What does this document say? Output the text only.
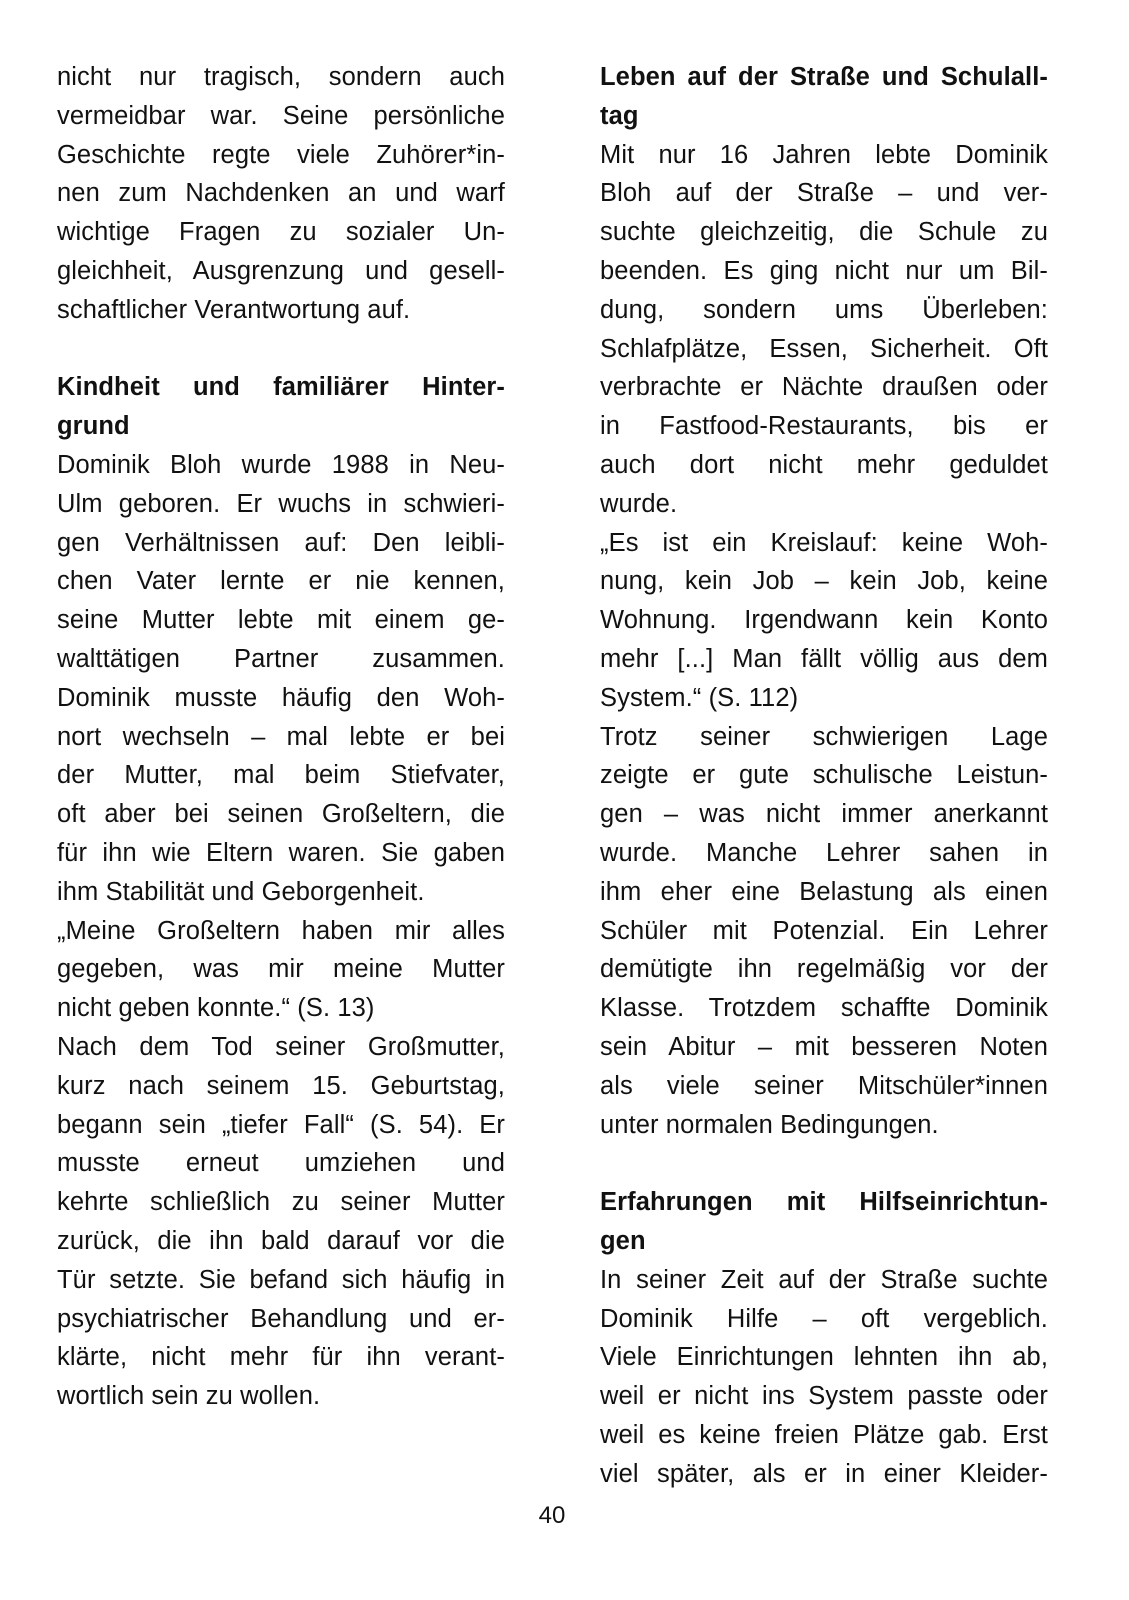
nicht nur tragisch, sondern auch
vermeidbar war. Seine persönliche
Geschichte regte viele Zuhörer*in-
nen zum Nachdenken an und warf
wichtige Fragen zu sozialer Un-
gleichheit, Ausgrenzung und gesell-
schaftlicher Verantwortung auf.
Kindheit und familiärer Hinter-
grund
Dominik Bloh wurde 1988 in Neu-
Ulm geboren. Er wuchs in schwieri-
gen Verhältnissen auf: Den leibli-
chen Vater lernte er nie kennen,
seine Mutter lebte mit einem ge-
walttätigen Partner zusammen.
Dominik musste häufig den Woh-
nort wechseln – mal lebte er bei
der Mutter, mal beim Stiefvater,
oft aber bei seinen Großeltern, die
für ihn wie Eltern waren. Sie gaben
ihm Stabilität und Geborgenheit.
„Meine Großeltern haben mir alles
gegeben, was mir meine Mutter
nicht geben konnte.“ (S. 13)
Nach dem Tod seiner Großmutter,
kurz nach seinem 15. Geburtstag,
begann sein „tiefer Fall“ (S. 54). Er
musste erneut umziehen und
kehrte schließlich zu seiner Mutter
zurück, die ihn bald darauf vor die
Tür setzte. Sie befand sich häufig in
psychiatrischer Behandlung und er-
klärte, nicht mehr für ihn verant-
wortlich sein zu wollen.
Leben auf der Straße und Schulall-
tag
Mit nur 16 Jahren lebte Dominik
Bloh auf der Straße – und ver-
suchte gleichzeitig, die Schule zu
beenden. Es ging nicht nur um Bil-
dung, sondern ums Überleben:
Schlafplätze, Essen, Sicherheit. Oft
verbrachte er Nächte draußen oder
in Fastfood-Restaurants, bis er
auch dort nicht mehr geduldet
wurde.
„Es ist ein Kreislauf: keine Woh-
nung, kein Job – kein Job, keine
Wohnung. Irgendwann kein Konto
mehr [...] Man fällt völlig aus dem
System.“ (S. 112)
Trotz seiner schwierigen Lage
zeigte er gute schulische Leistun-
gen – was nicht immer anerkannt
wurde. Manche Lehrer sahen in
ihm eher eine Belastung als einen
Schüler mit Potenzial. Ein Lehrer
demütigte ihn regelmäßig vor der
Klasse. Trotzdem schaffte Dominik
sein Abitur – mit besseren Noten
als viele seiner Mitschüler*innen
unter normalen Bedingungen.
Erfahrungen mit Hilfseinrichtun-
gen
In seiner Zeit auf der Straße suchte
Dominik Hilfe – oft vergeblich.
Viele Einrichtungen lehnten ihn ab,
weil er nicht ins System passte oder
weil es keine freien Plätze gab. Erst
viel später, als er in einer Kleider-
40
